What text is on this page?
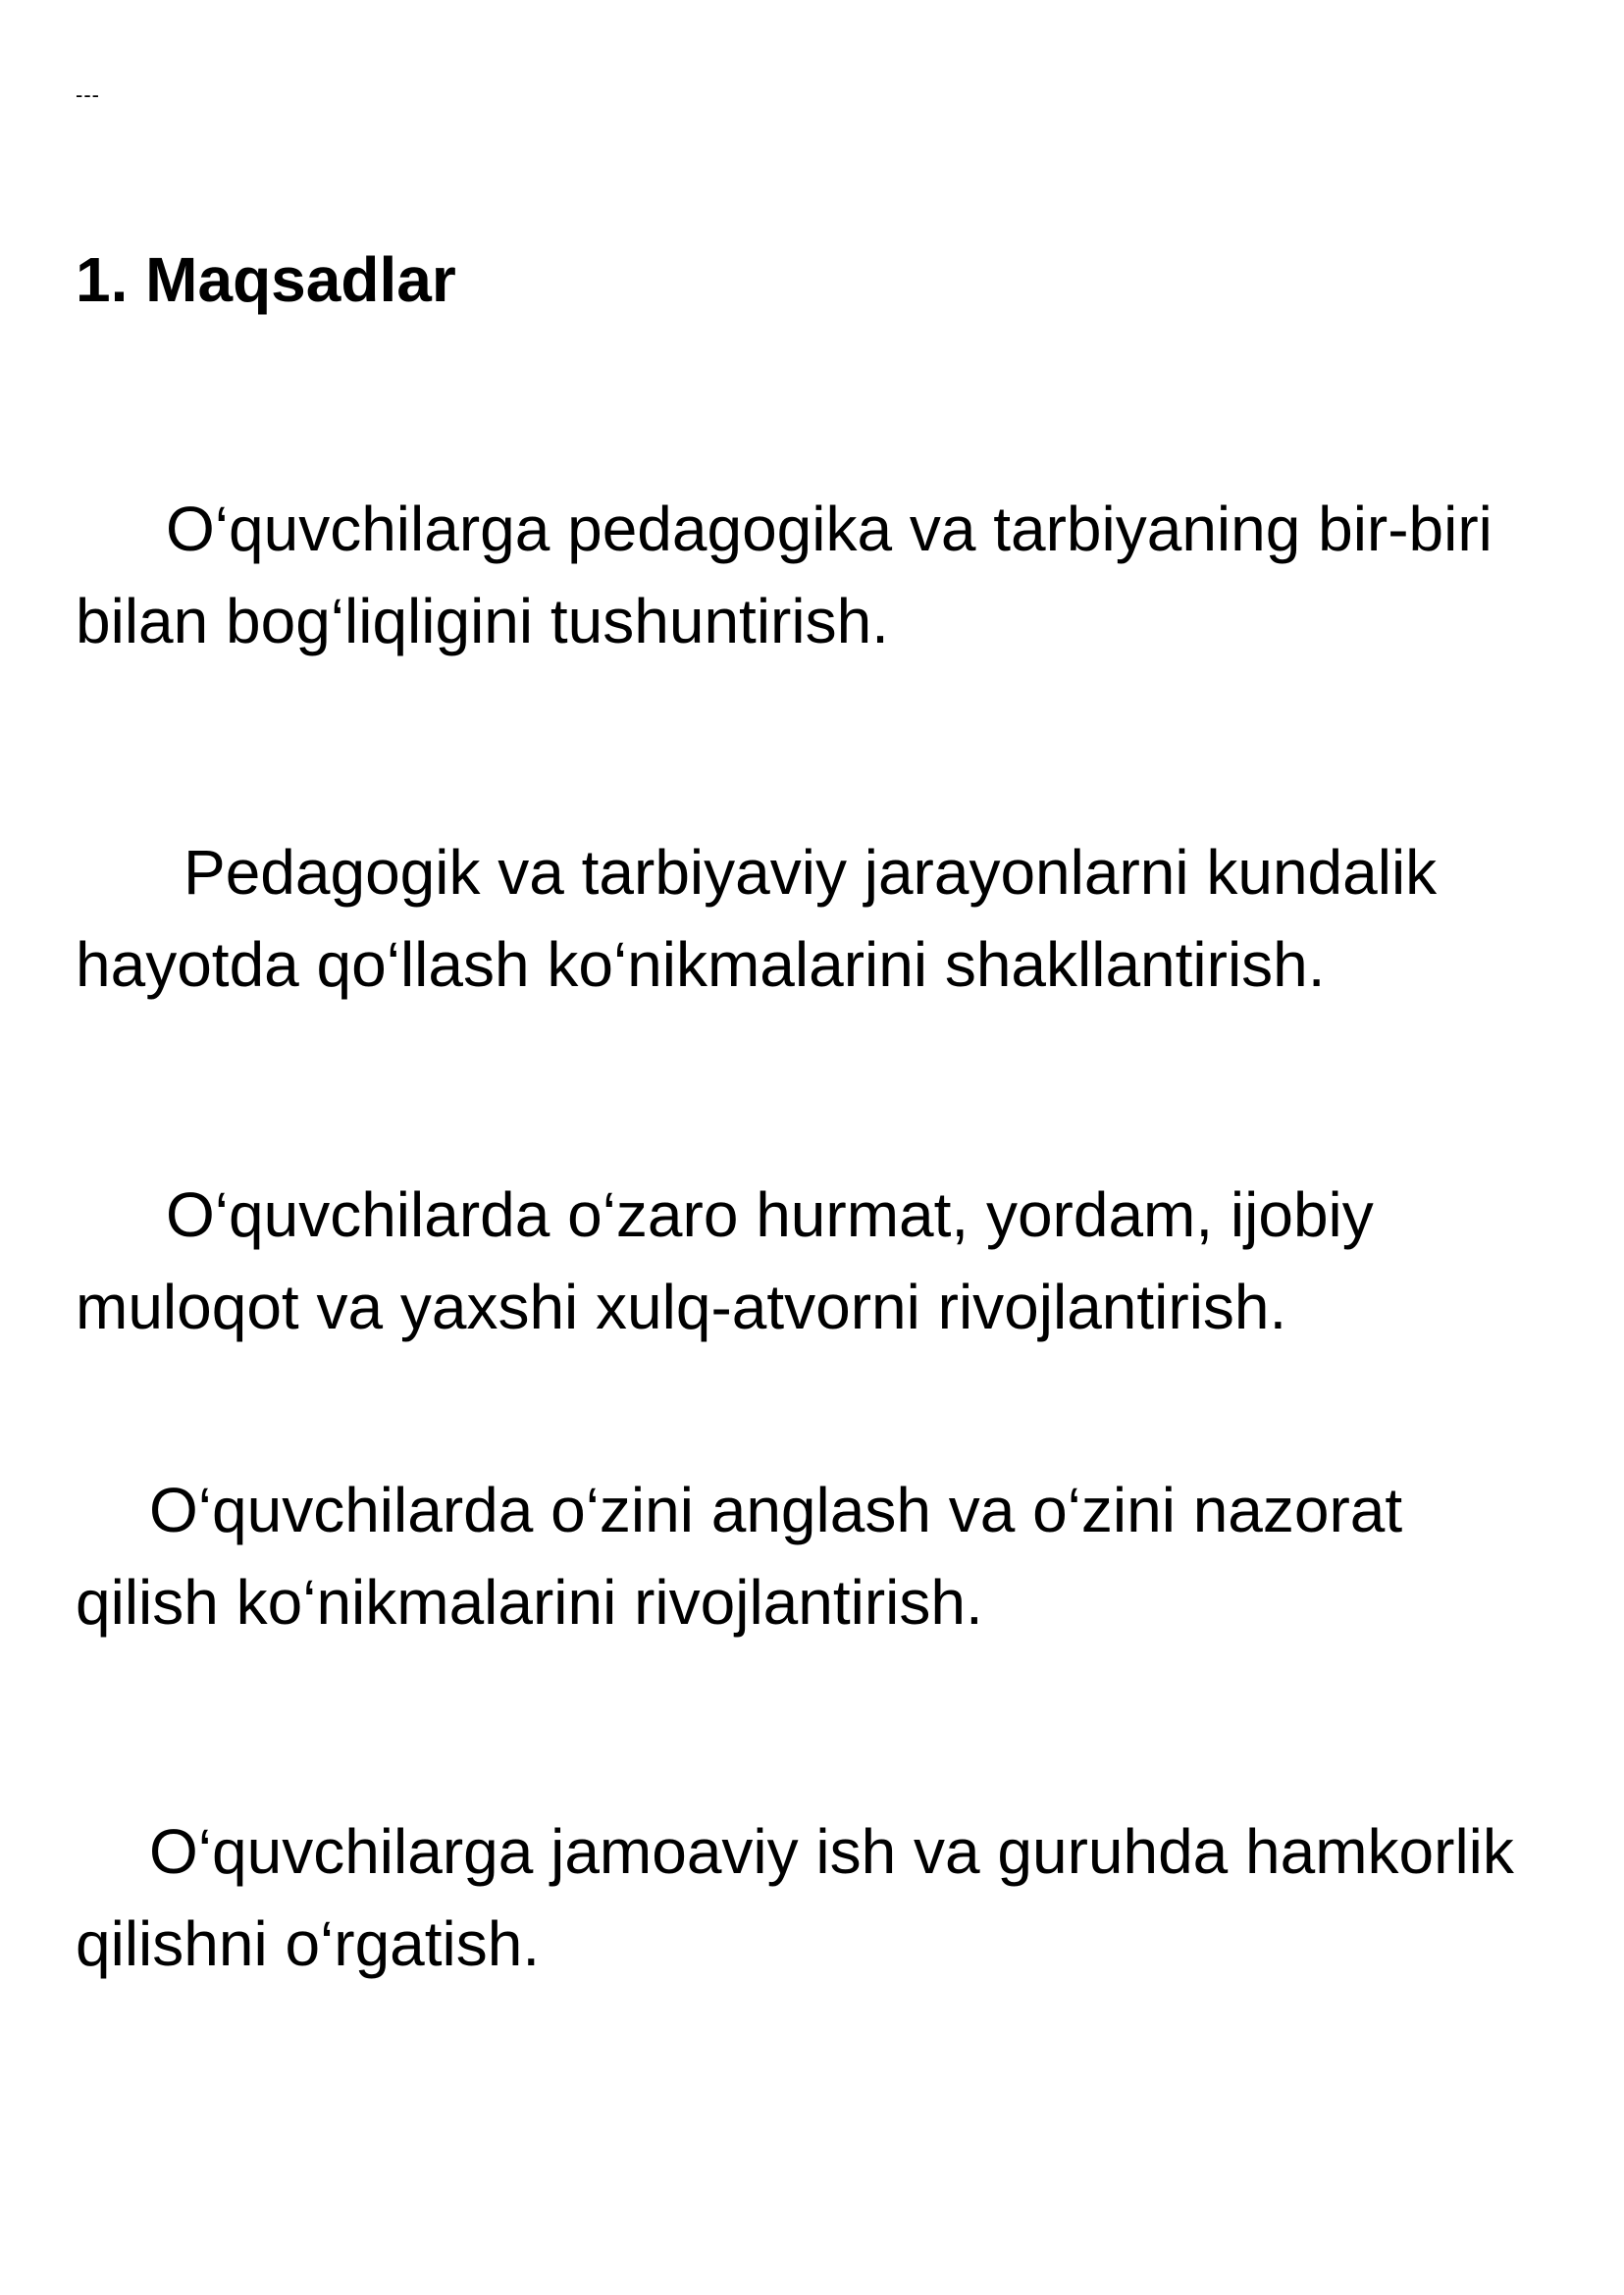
---
1. Maqsadlar

O‘quvchilarga pedagogika va tarbiyaning bir-biri bilan bog‘liqligini tushuntirish.

Pedagogik va tarbiyaviy jarayonlarni kundalik hayotda qo‘llash ko‘nikmalarini shakllantirish.

O‘quvchilarda o‘zaro hurmat, yordam, ijobiy muloqot va yaxshi xulq-atvorni rivojlantirish.

O‘quvchilarda o‘zini anglash va o‘zini nazorat qilish ko‘nikmalarini rivojlantirish.

O‘quvchilarga jamoaviy ish va guruhda hamkorlik qilishni o‘rgatish.
